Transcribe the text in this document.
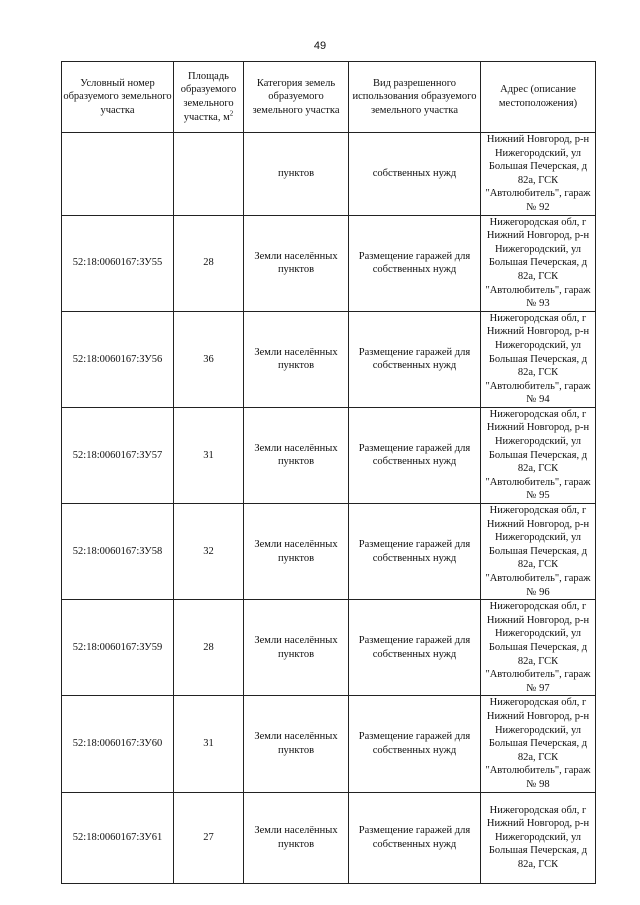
49
Условный номер образуемого земельного участка	Площадь образуемого земельного участка, $м^2$	Категория земель образуемого земельного участка	Вид разрешенного использования образуемого земельного участка	Адрес (описание местоположения)
		пунктов	собственных нужд	Нижний Новгород, р-н Нижегородский, ул Большая Печерская, д 82а, ГСК "Автолюбитель", гараж № 92
52:18:0060167:ЗУ55	28	Земли населённых пунктов	Размещение гаражей для собственных нужд	Нижегородская обл, г Нижний Новгород, р-н Нижегородский, ул Большая Печерская, д 82а, ГСК "Автолюбитель", гараж № 93
52:18:0060167:ЗУ56	36	Земли населённых пунктов	Размещение гаражей для собственных нужд	Нижегородская обл, г Нижний Новгород, р-н Нижегородский, ул Большая Печерская, д 82а, ГСК "Автолюбитель", гараж № 94
52:18:0060167:ЗУ57	31	Земли населённых пунктов	Размещение гаражей для собственных нужд	Нижегородская обл, г Нижний Новгород, р-н Нижегородский, ул Большая Печерская, д 82а, ГСК "Автолюбитель", гараж № 95
52:18:0060167:ЗУ58	32	Земли населённых пунктов	Размещение гаражей для собственных нужд	Нижегородская обл, г Нижний Новгород, р-н Нижегородский, ул Большая Печерская, д 82а, ГСК "Автолюбитель", гараж № 96
52:18:0060167:ЗУ59	28	Земли населённых пунктов	Размещение гаражей для собственных нужд	Нижегородская обл, г Нижний Новгород, р-н Нижегородский, ул Большая Печерская, д 82а, ГСК "Автолюбитель", гараж № 97
52:18:0060167:ЗУ60	31	Земли населённых пунктов	Размещение гаражей для собственных нужд	Нижегородская обл, г Нижний Новгород, р-н Нижегородский, ул Большая Печерская, д 82а, ГСК "Автолюбитель", гараж № 98
52:18:0060167:ЗУ61	27	Земли населённых пунктов	Размещение гаражей для собственных нужд	Нижегородская обл, г Нижний Новгород, р-н Нижегородский, ул Большая Печерская, д 82а, ГСК
